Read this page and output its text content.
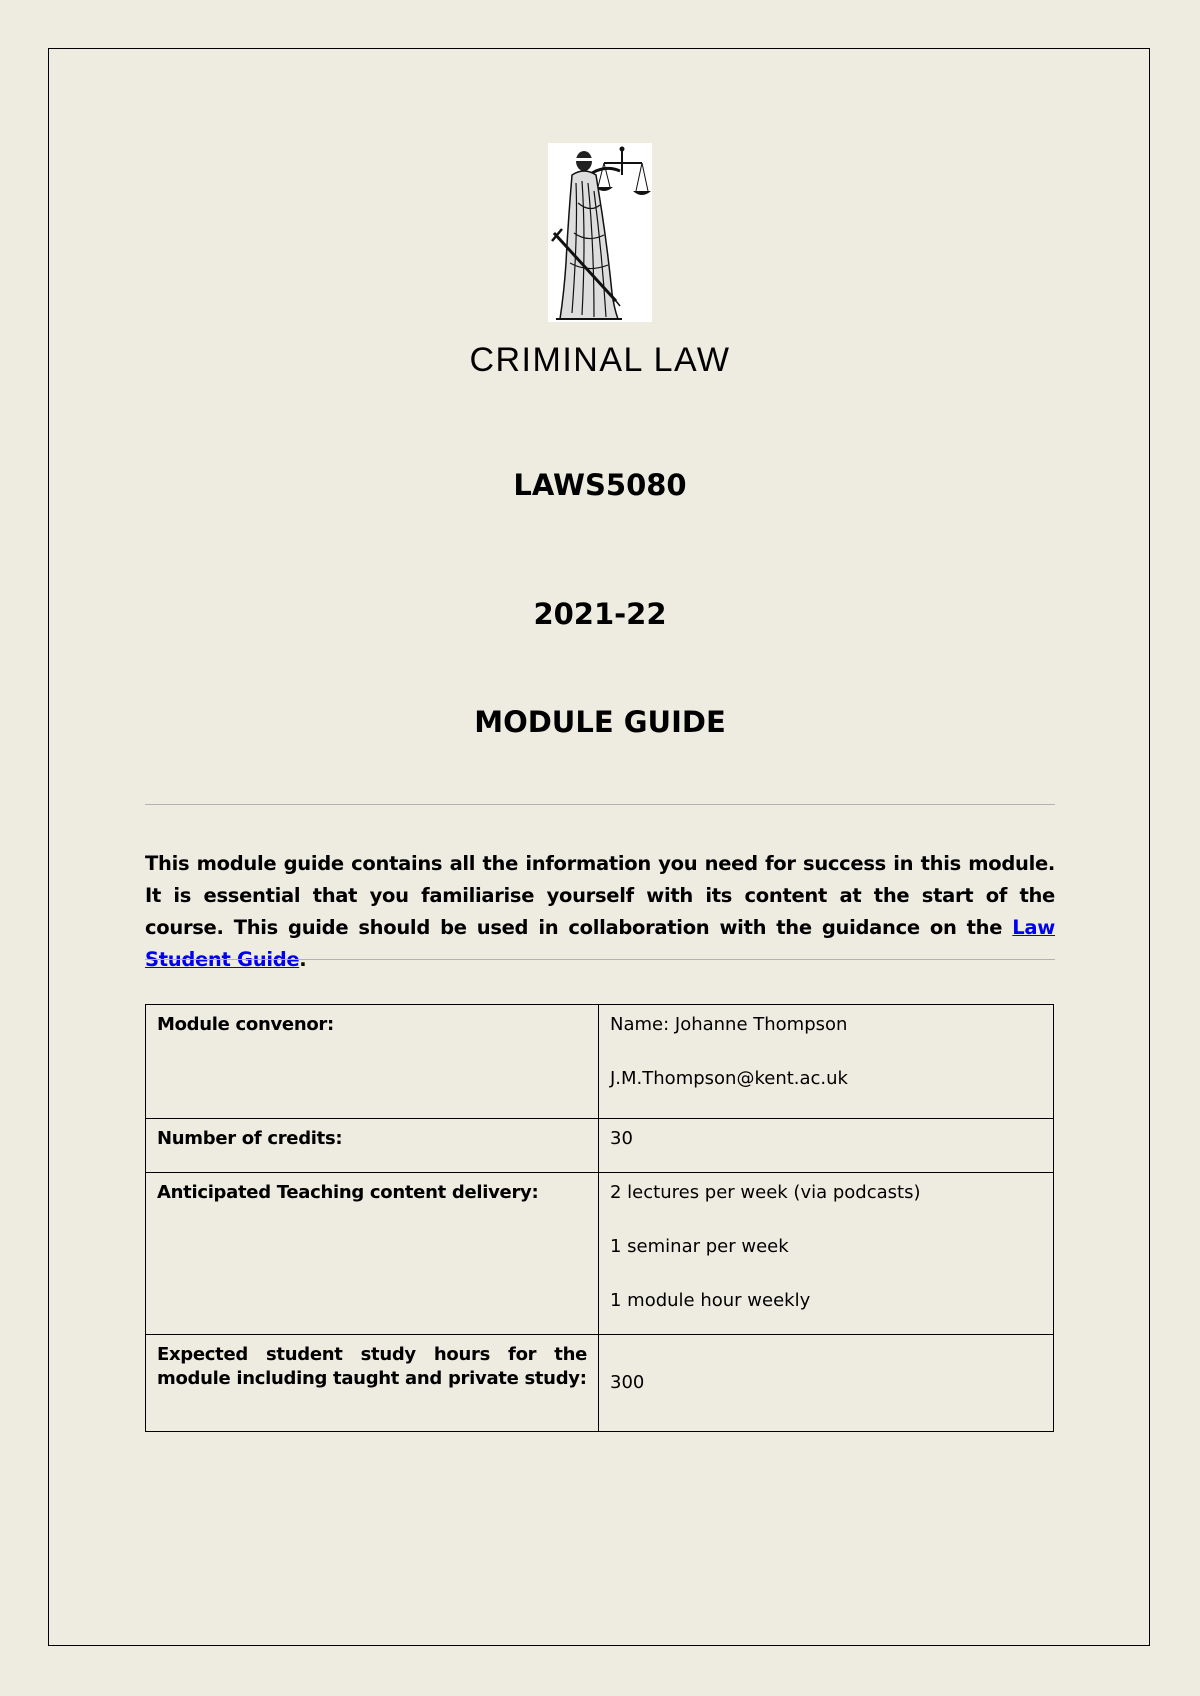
CRIMINAL LAW
LAWS5080
2021-22
MODULE GUIDE
This module guide contains all the information you need for success in this module. It is essential that you familiarise yourself with its content at the start of the course. This guide should be used in collaboration with the guidance on the Law Student Guide.
Module convenor:	Name: Johanne Thompson

J.M.Thompson@kent.ac.uk

Number of credits:	30

Anticipated Teaching content delivery:	2 lectures per week (via podcasts)

1 seminar per week

1 module hour weekly

Expected student study hours for the module including taught and private study:	300
